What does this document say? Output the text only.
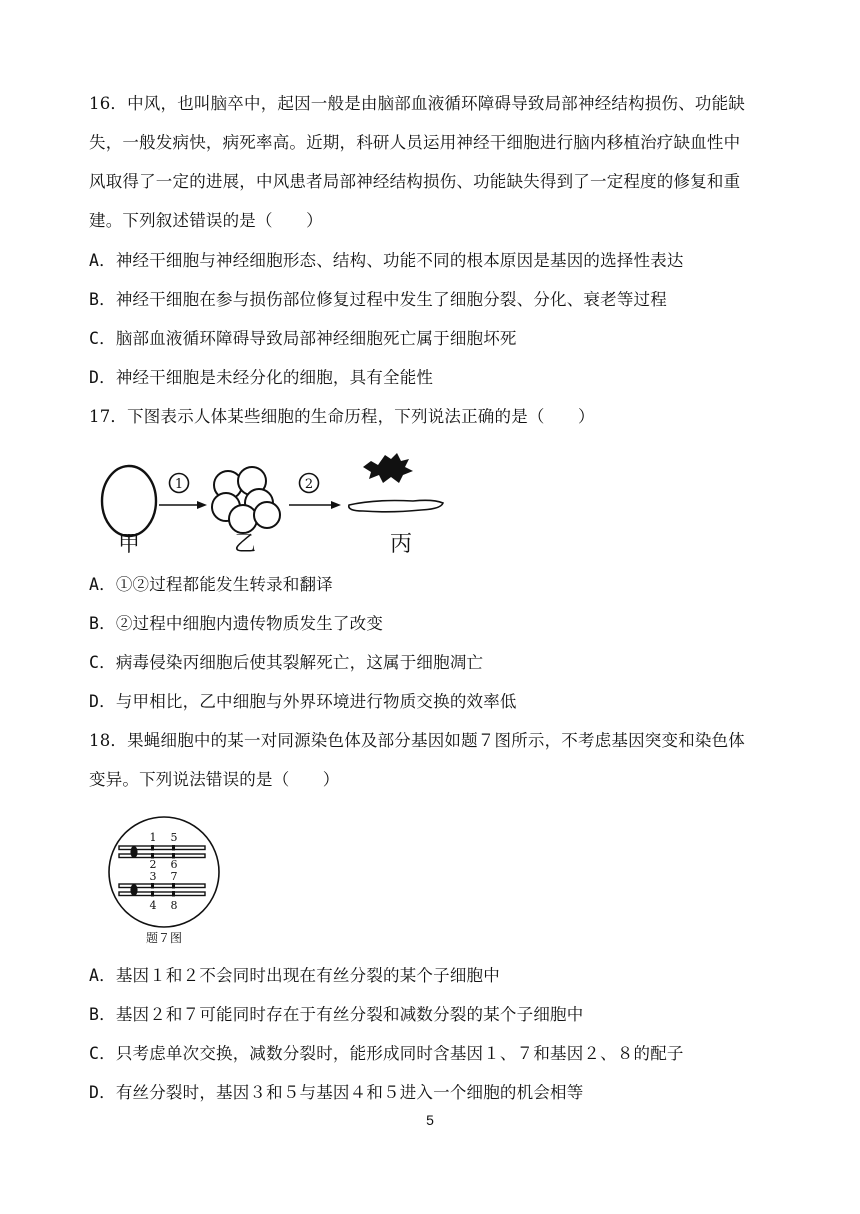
16．中风，也叫脑卒中，起因一般是由脑部血液循环障碍导致局部神经结构损伤、功能缺
失，一般发病快，病死率高。近期，科研人员运用神经干细胞进行脑内移植治疗缺血性中
风取得了一定的进展，中风患者局部神经结构损伤、功能缺失得到了一定程度的修复和重
建。下列叙述错误的是（　　）
A．神经干细胞与神经细胞形态、结构、功能不同的根本原因是基因的选择性表达
B．神经干细胞在参与损伤部位修复过程中发生了细胞分裂、分化、衰老等过程
C．脑部血液循环障碍导致局部神经细胞死亡属于细胞坏死
D．神经干细胞是未经分化的细胞，具有全能性
17．下图表示人体某些细胞的生命历程，下列说法正确的是（　　）
1	2
甲	乙	丙
A．①②过程都能发生转录和翻译
B．②过程中细胞内遗传物质发生了改变
C．病毒侵染丙细胞后使其裂解死亡，这属于细胞凋亡
D．与甲相比，乙中细胞与外界环境进行物质交换的效率低
18．果蝇细胞中的某一对同源染色体及部分基因如题７图所示，不考虑基因突变和染色体
变异。下列说法错误的是（　　）
1 5
2 6
3 7
4 8
题７图
A．基因１和２不会同时出现在有丝分裂的某个子细胞中
B．基因２和７可能同时存在于有丝分裂和减数分裂的某个子细胞中
C．只考虑单次交换，减数分裂时，能形成同时含基因１、７和基因２、８的配子
D．有丝分裂时，基因３和５与基因４和５进入一个细胞的机会相等
5
